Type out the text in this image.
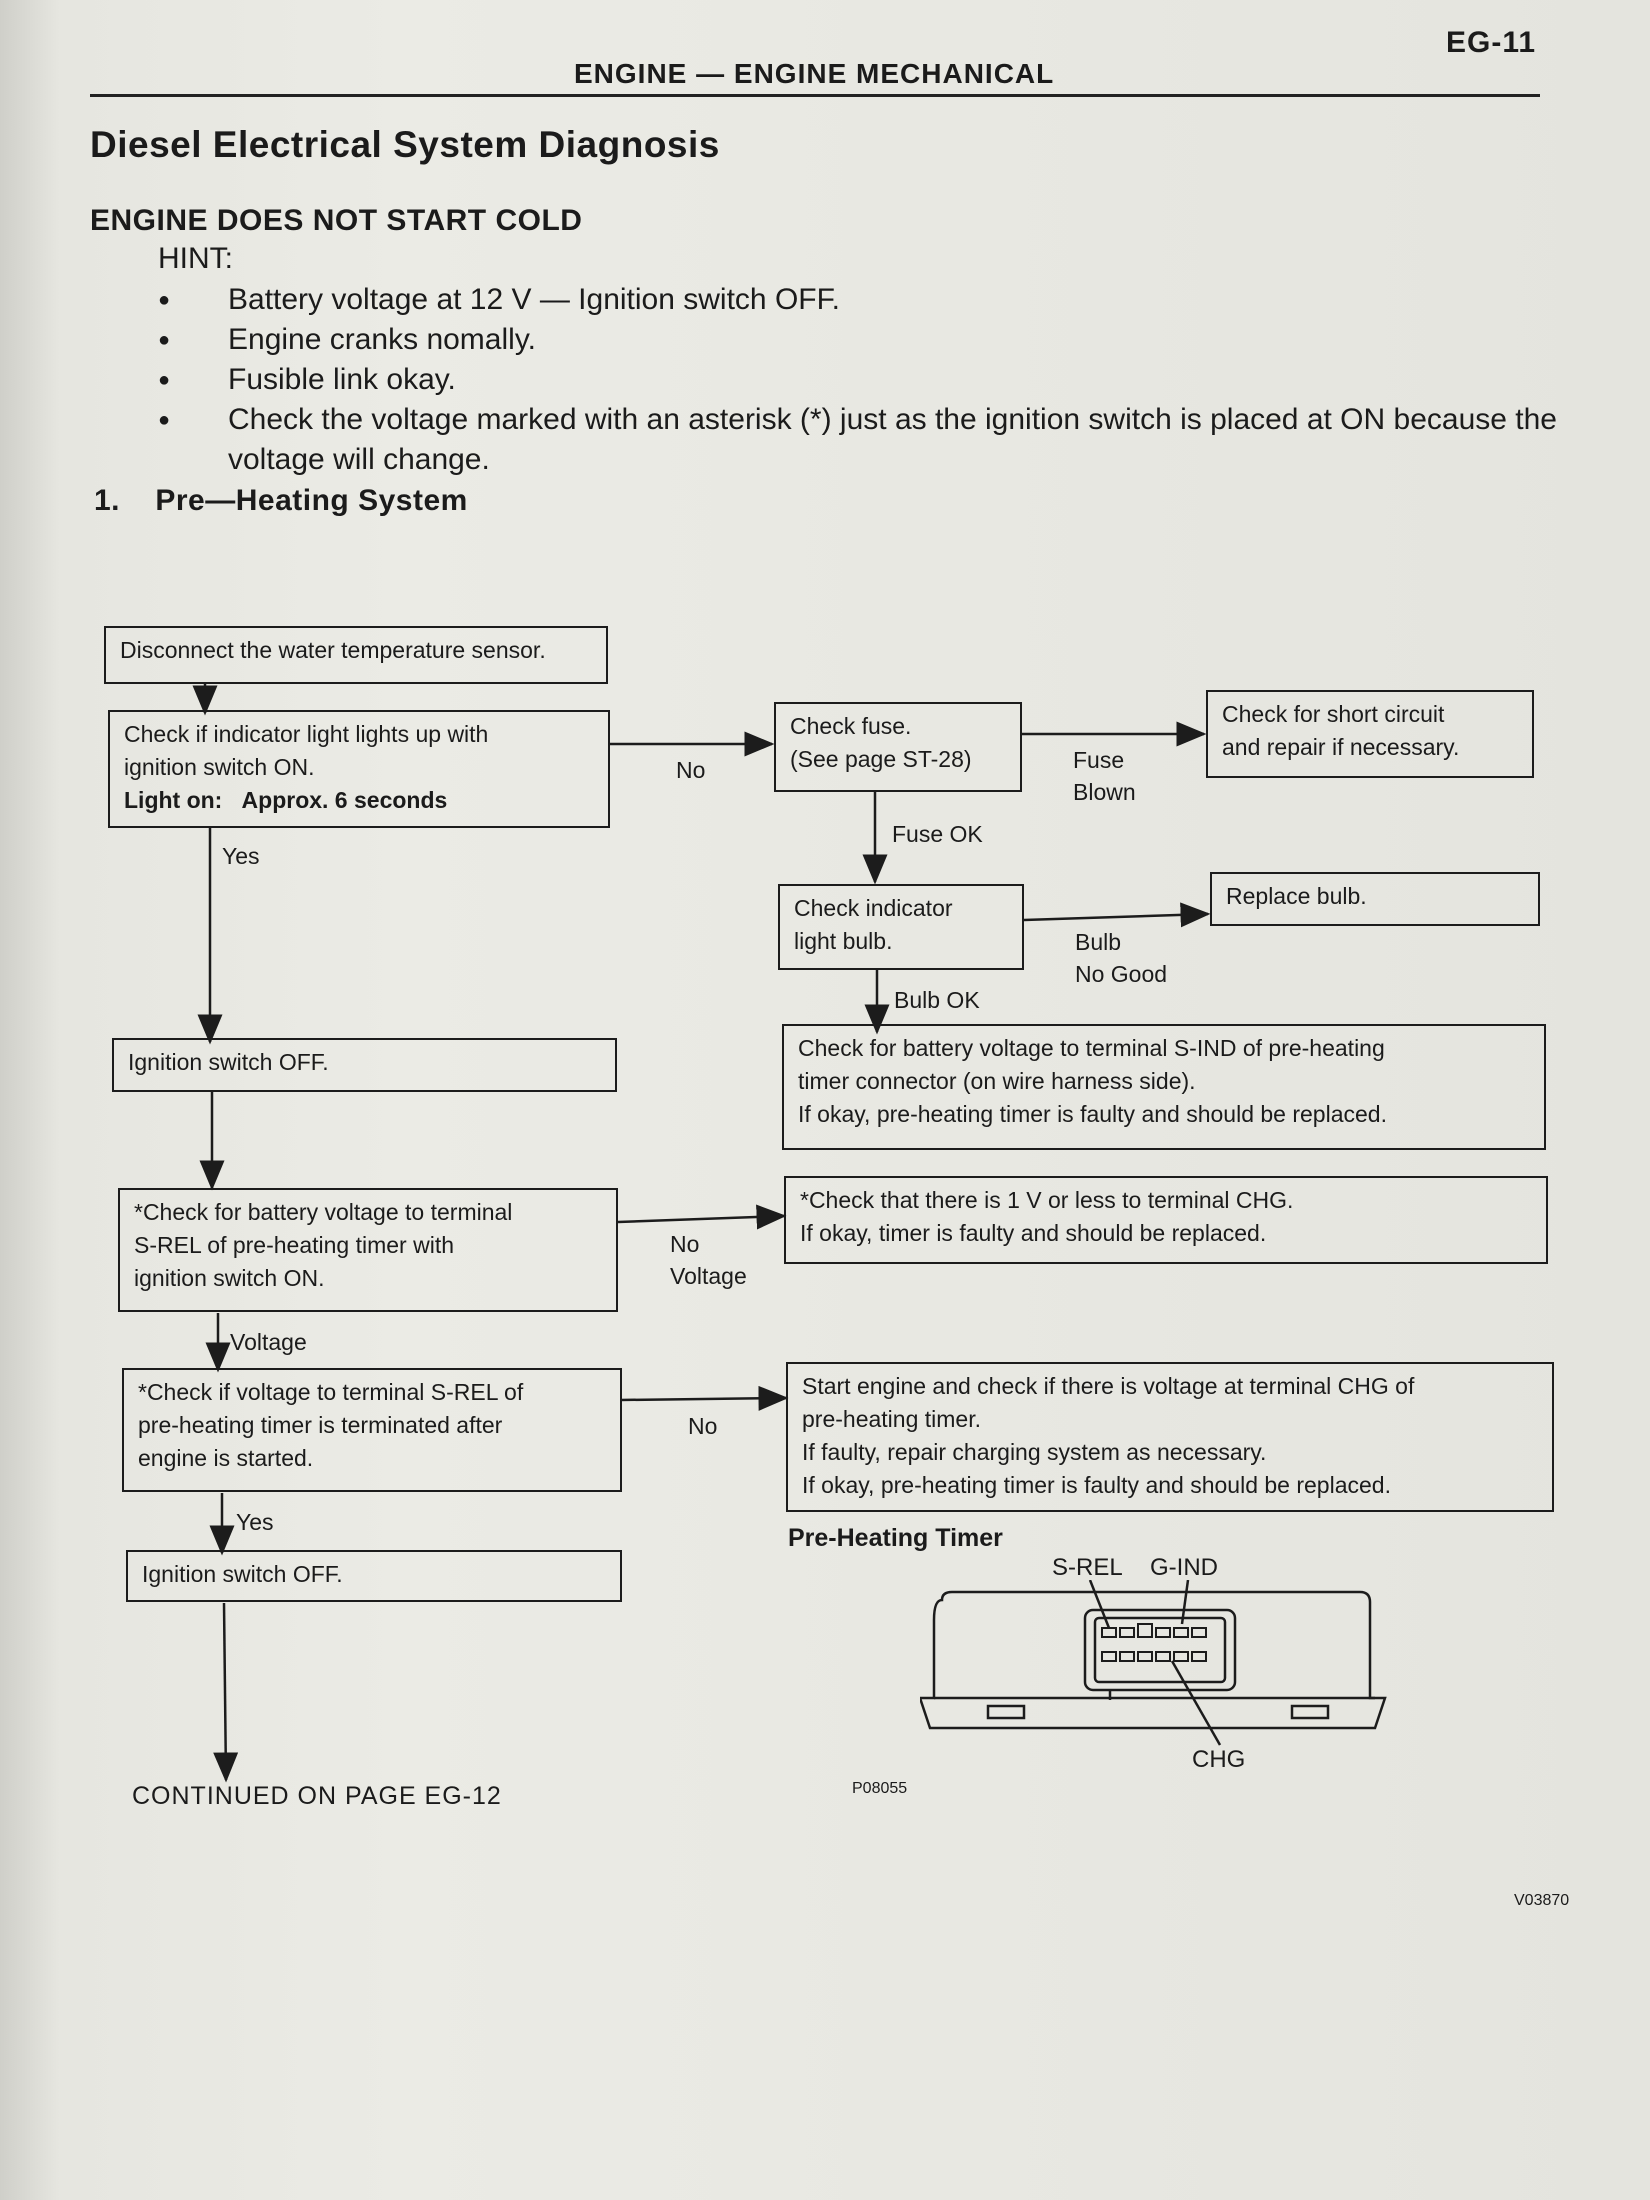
EG-11
ENGINE — ENGINE MECHANICAL
Diesel Electrical System Diagnosis
ENGINE DOES NOT START COLD
HINT:
● Battery voltage at 12 V — Ignition switch OFF.
● Engine cranks nomally.
● Fusible link okay.
● Check the voltage marked with an asterisk (*) just as the ignition switch is placed at ON because the voltage will change.
1.    Pre—Heating System
Disconnect the water temperature sensor.
Check if indicator light lights up with
ignition switch ON.
Light on: Approx. 6 seconds
Check fuse.
(See page ST-28)
Check for short circuit
and repair if necessary.
Check indicator
light bulb.
Replace bulb.
Ignition switch OFF.
Check for battery voltage to terminal S-IND of pre-heating
timer connector (on wire harness side).
If okay, pre-heating timer is faulty and should be replaced.
*Check for battery voltage to terminal
S-REL of pre-heating timer with
ignition switch ON.
*Check that there is 1 V or less to terminal CHG.
If okay, timer is faulty and should be replaced.
*Check if voltage to terminal S-REL of
pre-heating timer is terminated after
engine is started.
Start engine and check if there is voltage at terminal CHG of
pre-heating timer.
If faulty, repair charging system as necessary.
If okay, pre-heating timer is faulty and should be replaced.
Ignition switch OFF.
No
Yes
Fuse
Blown
Fuse OK
Bulb
No Good
Bulb OK
No
Voltage
Voltage
No
Yes
Pre-Heating Timer
S-REL G-IND
CHG
P08055
CONTINUED ON PAGE EG-12
V03870
